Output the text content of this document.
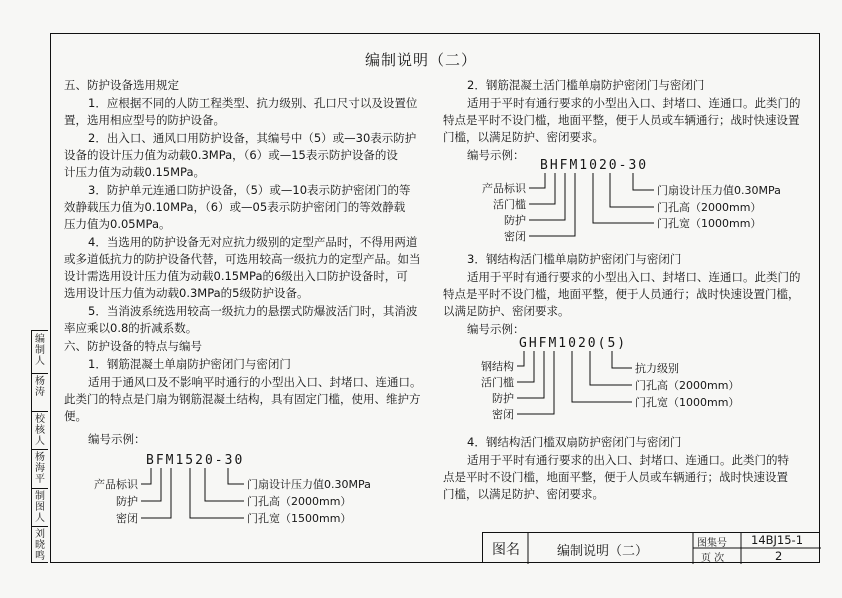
编制人
杨 涛
校核人
杨海平
制图人
刘晓鸣
编制说明（二）
五、防护设备选用规定
1．应根据不同的人防工程类型、抗力级别、孔口尺寸以及设置位
置，选用相应型号的防护设备。
2．出入口、通风口用防护设备，其编号中（5）或—30表示防护
设备的设计压力值为动载0.3MPa，（6）或—15表示防护设备的设
计压力值为动载0.15MPa。
3．防护单元连通口防护设备，（5）或—10表示防护密闭门的等
效静载压力值为0.10MPa，（6）或—05表示防护密闭门的等效静载
压力值为0.05MPa。
4．当选用的防护设备无对应抗力级别的定型产品时，不得用两道
或多道低抗力的防护设备代替，可选用较高一级抗力的定型产品。如当
设计需选用设计压力值为动载0.15MPa的6级出入口防护设备时，可
选用设计压力值为动载0.3MPa的5级防护设备。
5．当消波系统选用较高一级抗力的悬摆式防爆波活门时，其消波
率应乘以0.8的折减系数。
六、防护设备的特点与编号
1．钢筋混凝土单扇防护密闭门与密闭门
适用于通风口及不影响平时通行的小型出入口、封堵口、连通口。
此类门的特点是门扇为钢筋混凝土结构，具有固定门槛，使用、维护方
便。
编号示例：
BFM1520-30
产品标识
防护
密闭
门扇设计压力值0.30MPa
门孔高（2000mm）
门孔宽（1500mm）
2．钢筋混凝土活门槛单扇防护密闭门与密闭门
适用于平时有通行要求的小型出入口、封堵口、连通口。此类门的
特点是平时不设门槛，地面平整，便于人员或车辆通行；战时快速设置
门槛，以满足防护、密闭要求。
编号示例：
BHFM1020-30
产品标识
活门槛
防护
密闭
门扇设计压力值0.30MPa
门孔高（2000mm）
门孔宽（1000mm）
3．钢结构活门槛单扇防护密闭门与密闭门
适用于平时有通行要求的小型出入口、封堵口、连通口。此类门的
特点是平时不设门槛，地面平整，便于人员通行；战时快速设置门槛，
以满足防护、密闭要求。
编号示例：
GHFM1020(5)
钢结构
活门槛
防护
密闭
抗力级别
门孔高（2000mm）
门孔宽（1000mm）
4．钢结构活门槛双扇防护密闭门与密闭门
适用于平时有通行要求的出入口、封堵口、连通口。此类门的特
点是平时不设门槛，地面平整，便于人员或车辆通行；战时快速设置
门槛，以满足防护、密闭要求。
图名	编制说明（二）
图集号 14BJ15-1
页 次	2
